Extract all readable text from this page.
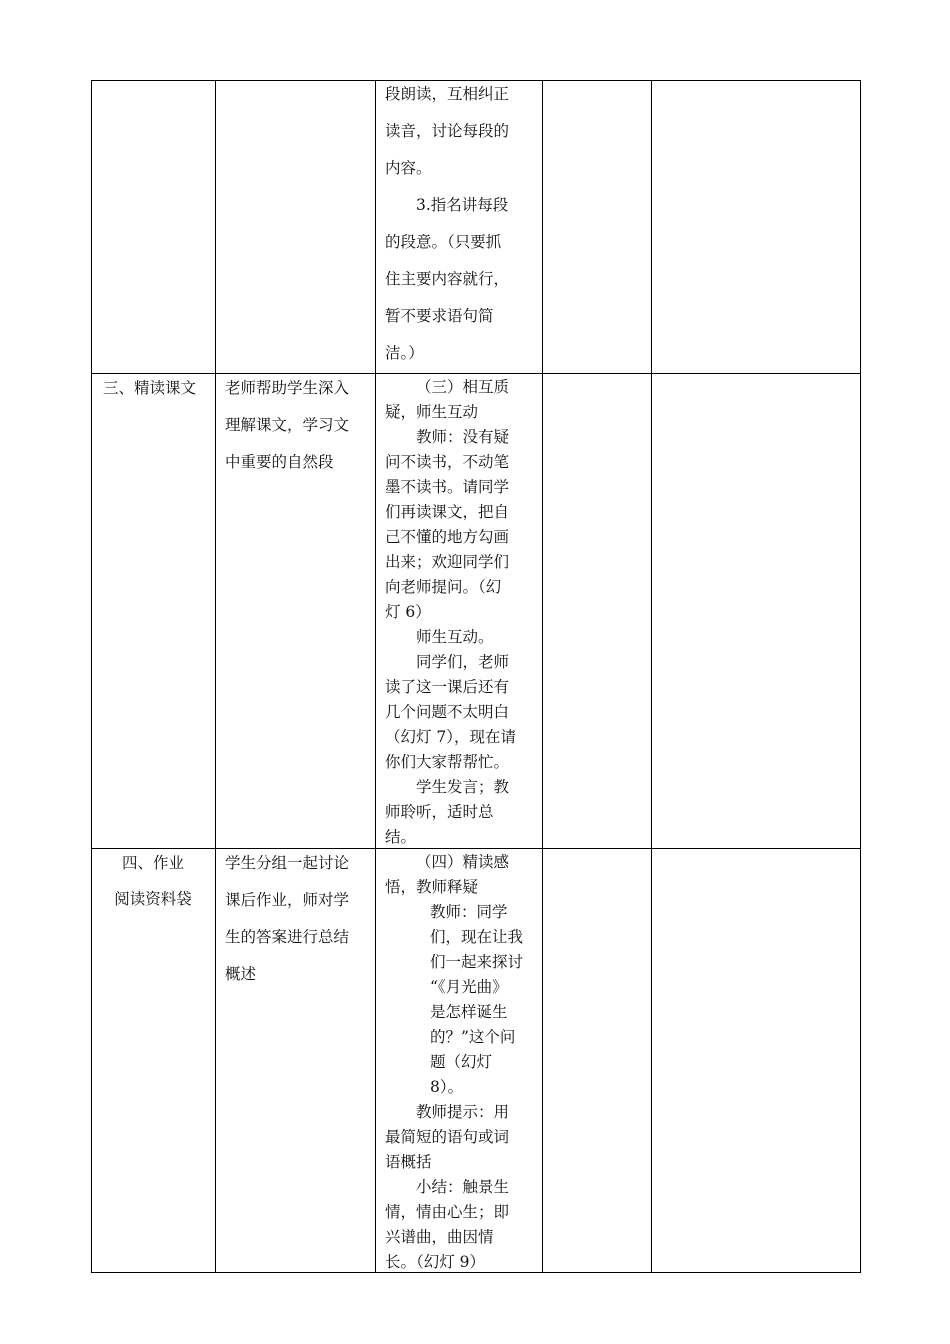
段朗读，互相纠正

读音，讨论每段的

内容。

3.指名讲每段

的段意。（只要抓

住主要内容就行，

暂不要求语句简

洁。）

三、精读课文	老师帮助学生深入

理解课文，学习文

中重要的自然段

（三）相互质

疑，师生互动

教师：没有疑

问不读书，不动笔

墨不读书。请同学

们再读课文，把自

己不懂的地方勾画

出来；欢迎同学们

向老师提问。（幻

灯 6）

师生互动。

同学们，老师

读了这一课后还有

几个问题不太明白

（幻灯 7），现在请

你们大家帮帮忙。

学生发言；教

师聆听，适时总

结。

四、作业

阅读资料袋

学生分组一起讨论

课后作业，师对学

生的答案进行总结

概述

（四）精读感

悟，教师释疑

教师：同学

们，现在让我

们一起来探讨

“《月光曲》

是怎样诞生

的？”这个问

题（幻灯

8）。

教师提示：用

最简短的语句或词

语概括

小结：触景生

情，情由心生；即

兴谱曲，曲因情

长。（幻灯 9）
